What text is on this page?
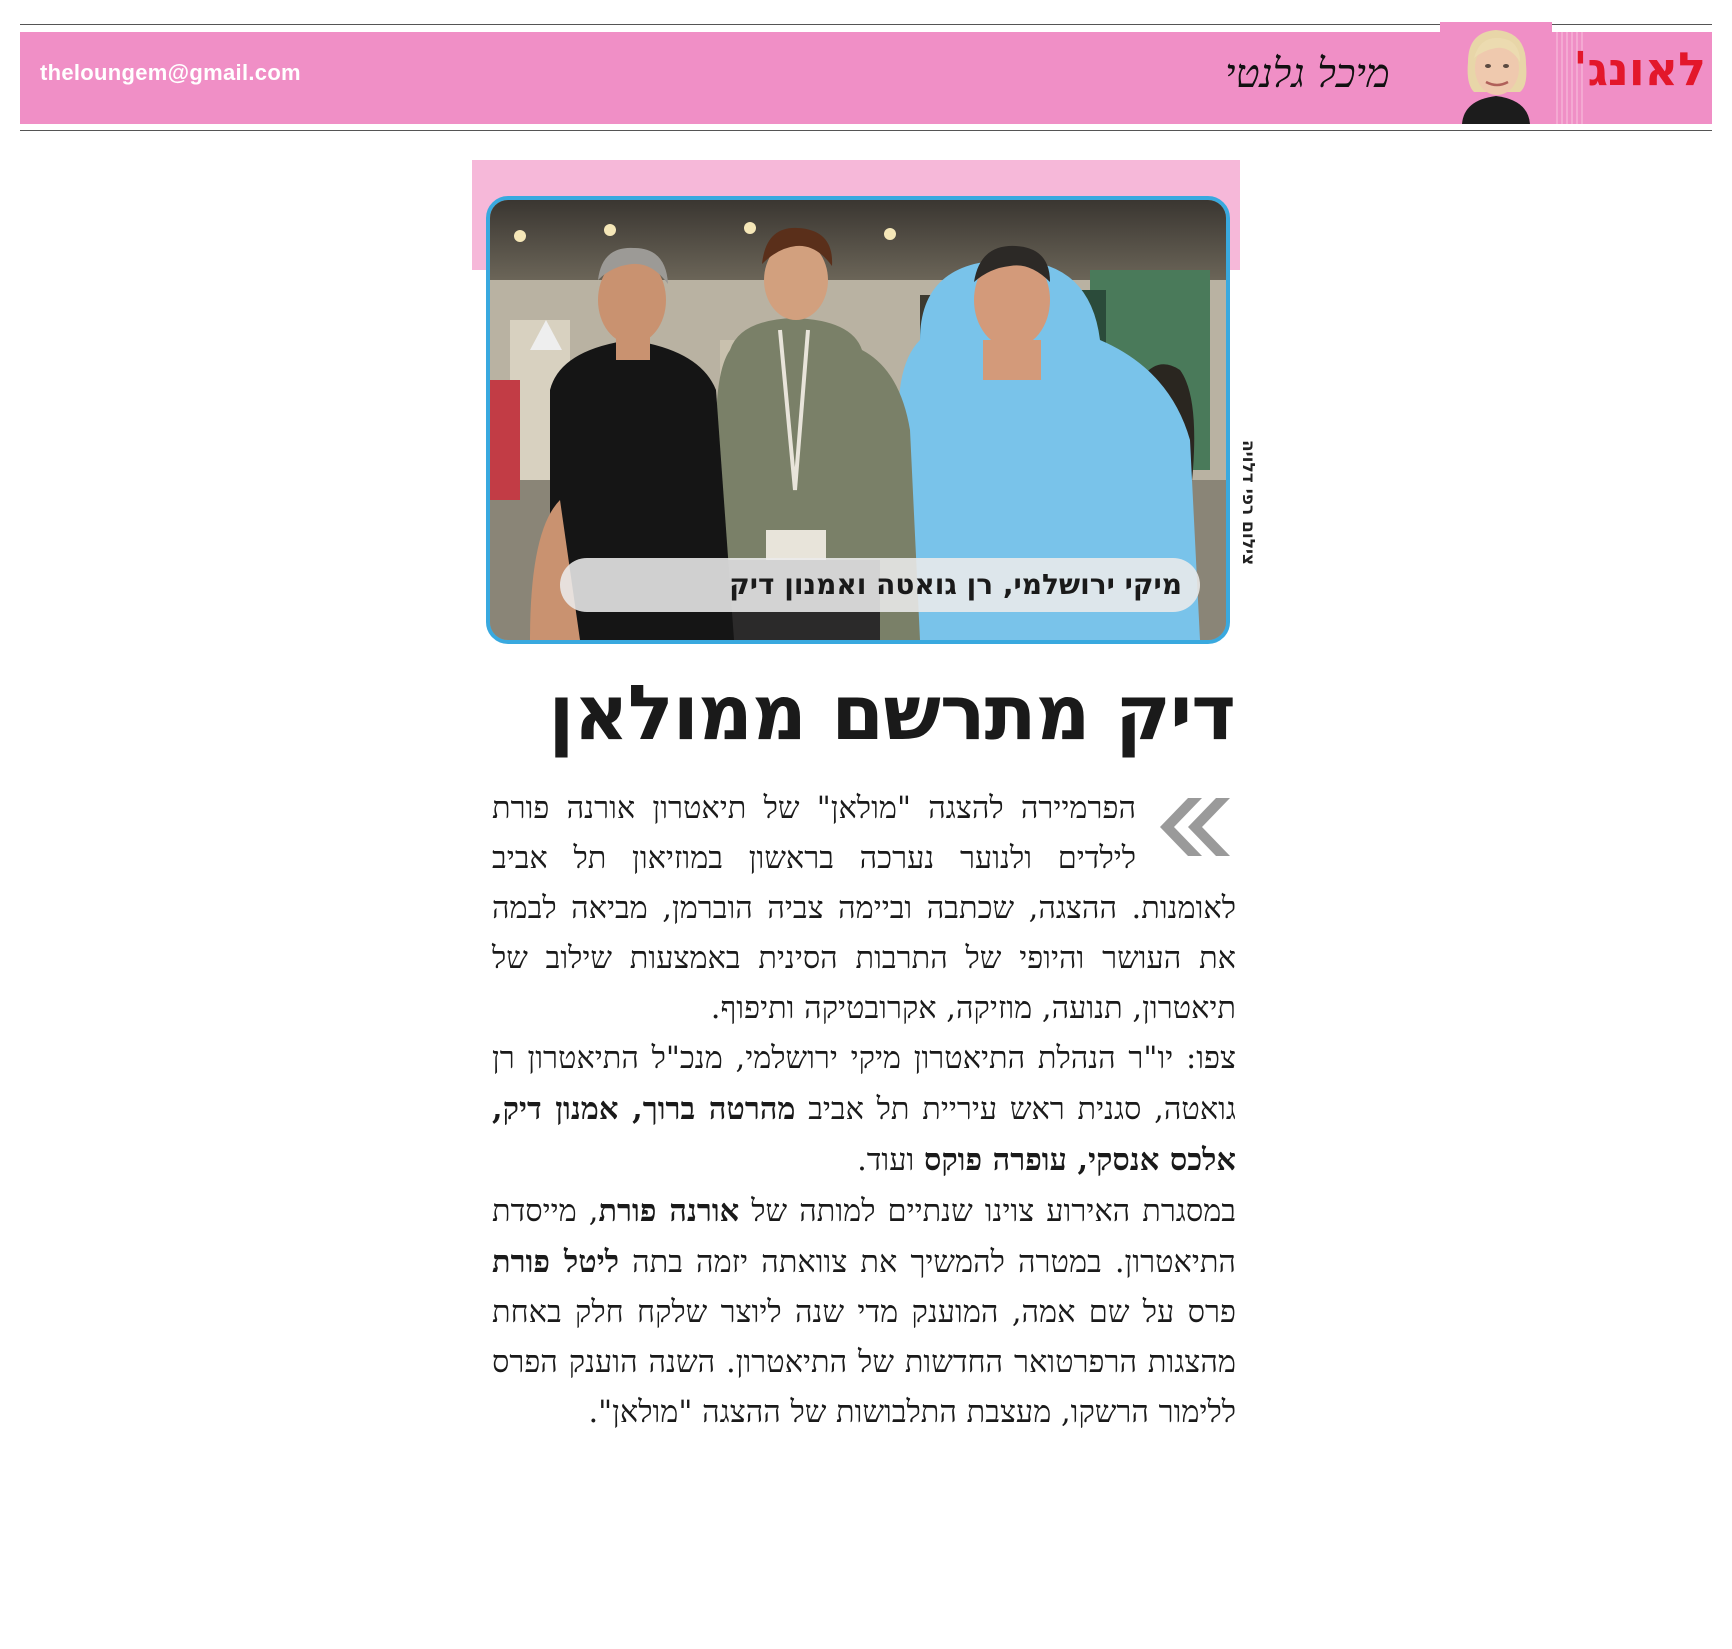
theloungem@gmail.com	מיכל גלנטי	לאונג'
מיקי ירושלמי, רן גואטה ואמנון דיק
צילום רפי דלויה
דיק מתרשם ממולאן

הפרמיירה להצגה "מולאן" של תיאטרון אורנה פורת לילדים ולנוער נערכה בראשון במוזיאון תל אביב לאומנות. ההצגה, שכתבה וביימה צביה הוברמן, מביאה לבמה את העושר והיופי של התרבות הסינית באמצעות שילוב של תיאטרון, תנועה, מוזיקה, אקרובטיקה ותיפוף.

צפו: יו"ר הנהלת התיאטרון מיקי ירושלמי, מנכ"ל התיאטרון רן גואטה, סגנית ראש עיריית תל אביב מהרטה ברוך, אמנון דיק, אלכס אנסקי, עופרה פוקס ועוד.

במסגרת האירוע צוינו שנתיים למותה של אורנה פורת, מייסדת התיאטרון. במטרה להמשיך את צוואתה יזמה בתה ליטל פורת פרס על שם אמה, המוענק מדי שנה ליוצר שלקח חלק באחת מהצגות הרפרטואר החדשות של התיאטרון. השנה הוענק הפרס ללימור הרשקו, מעצבת התלבושות של ההצגה "מולאן".
